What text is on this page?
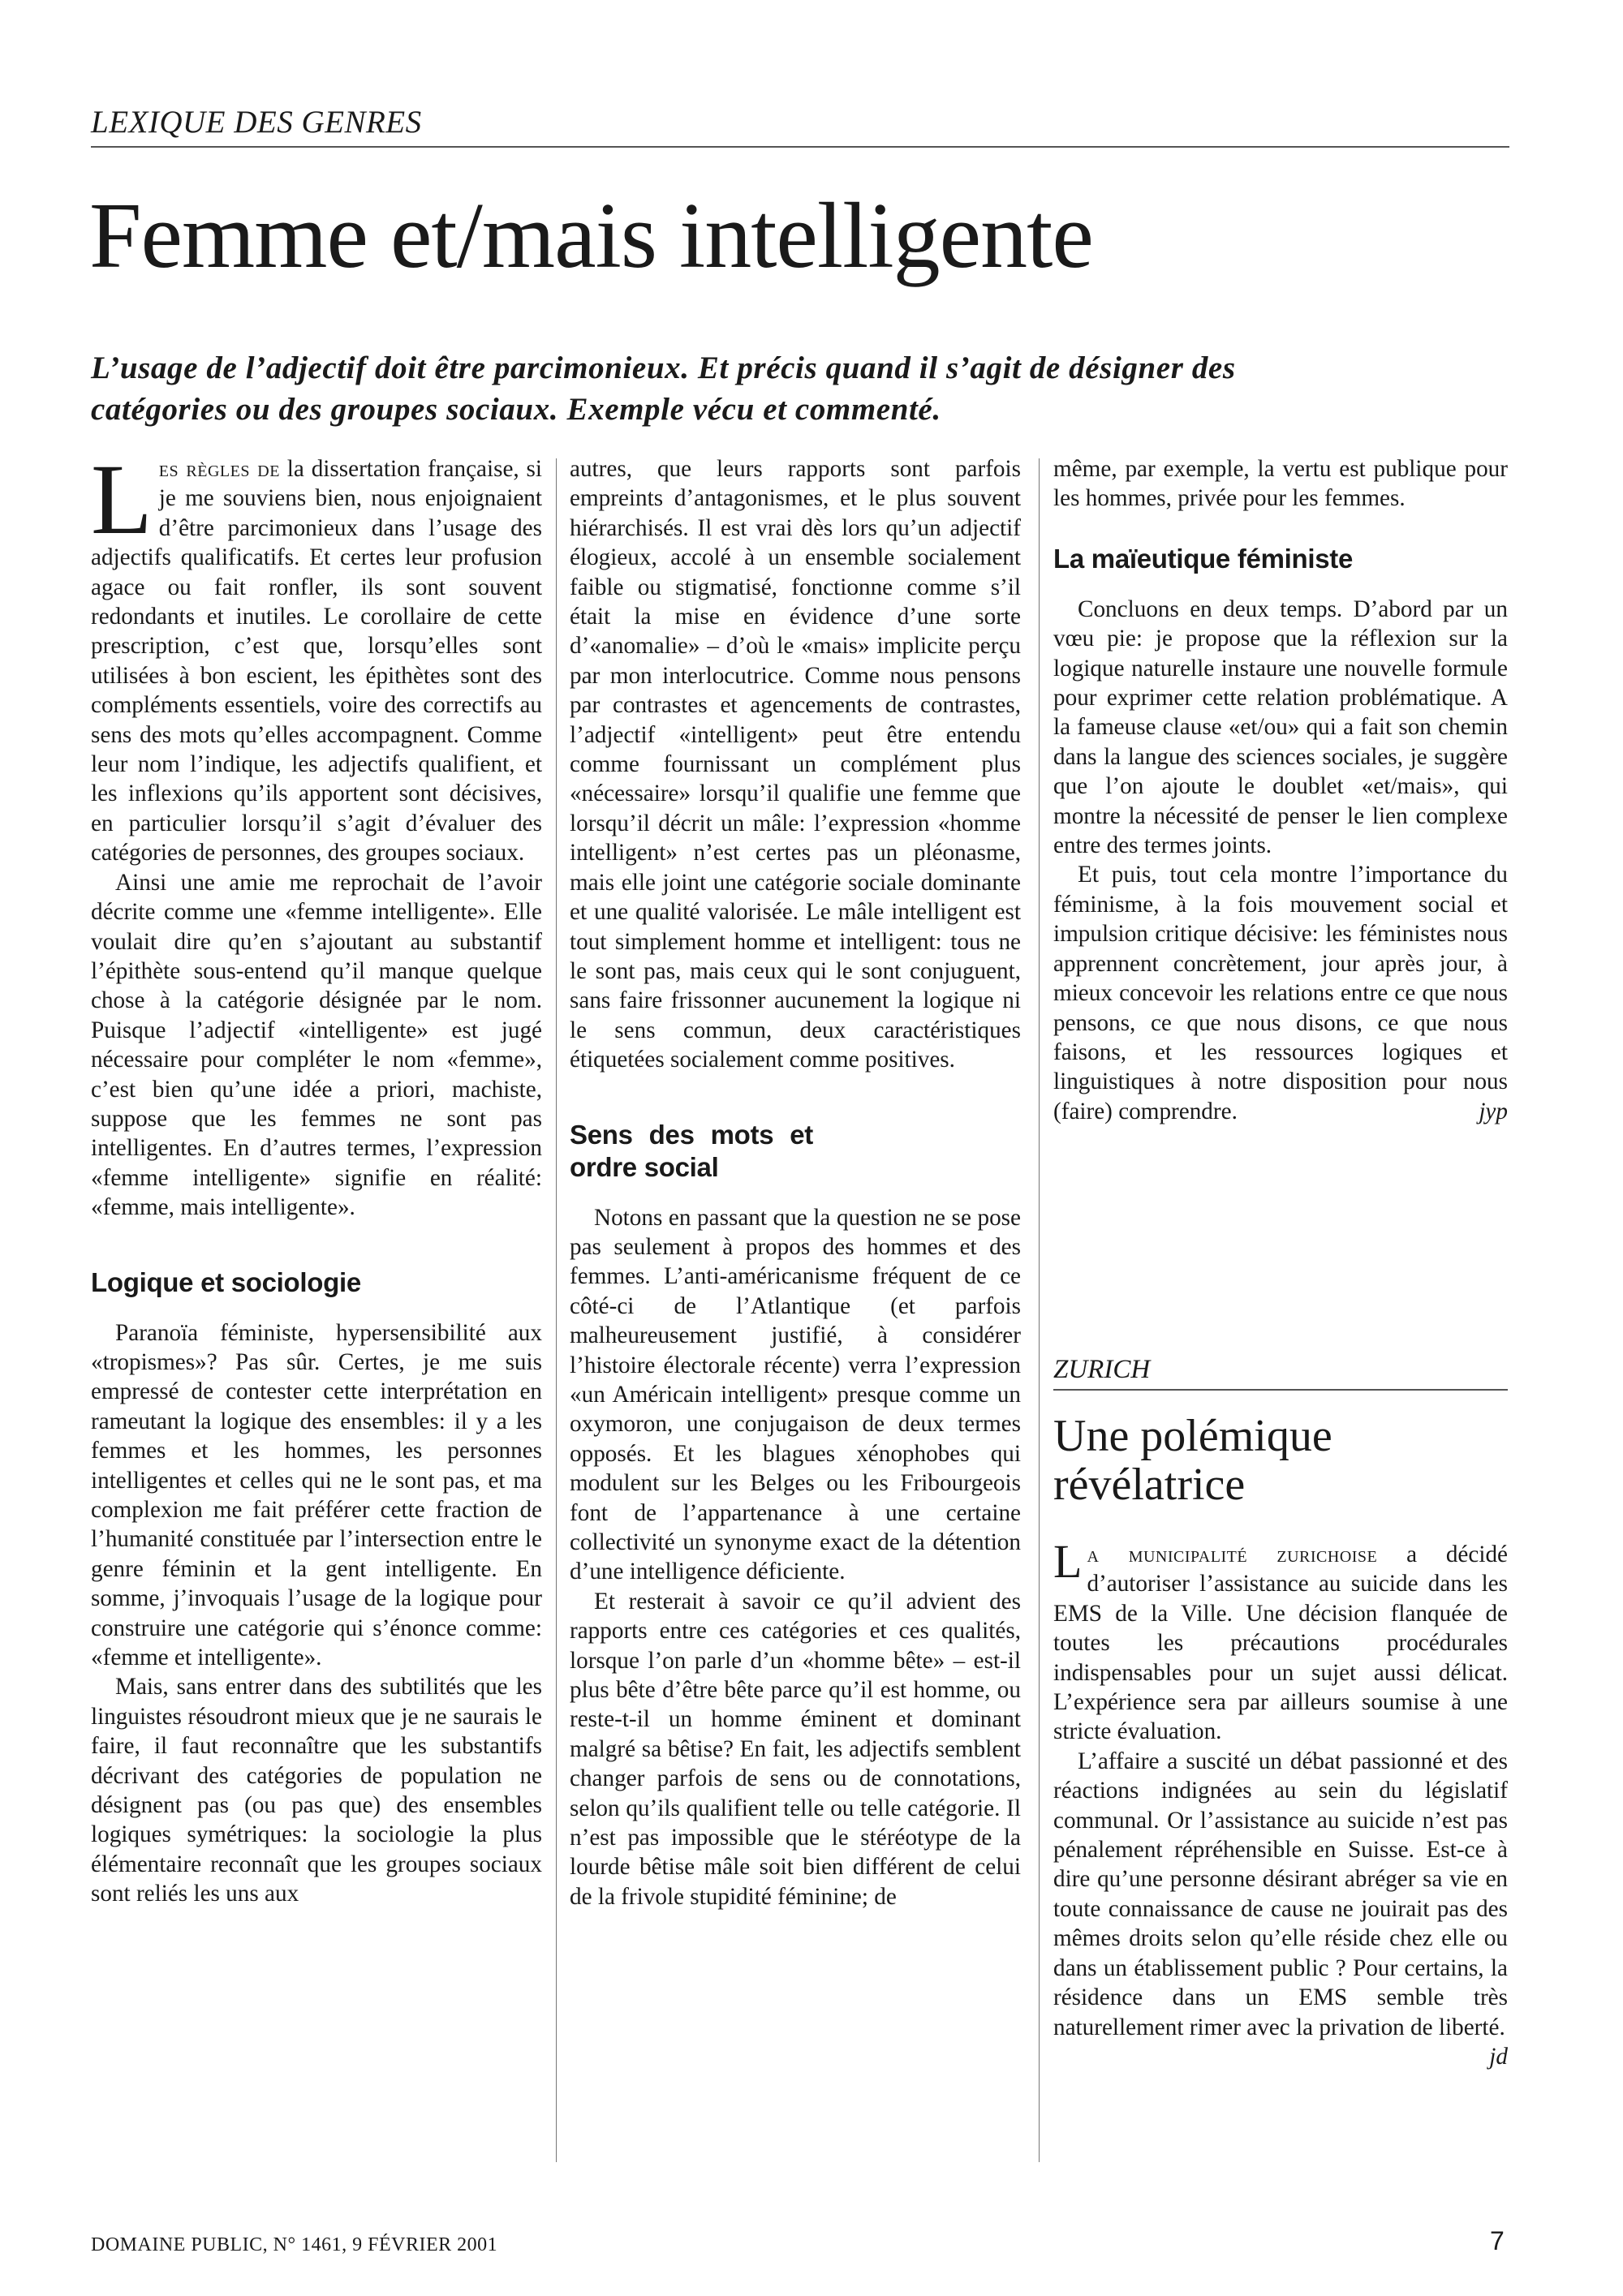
LEXIQUE DES GENRES
Femme et/mais intelligente

L’usage de l’adjectif doit être parcimonieux. Et précis quand il s’agit de désigner des catégories ou des groupes sociaux. Exemple vécu et commenté.

Les règles de la dissertation française, si je me souviens bien, nous enjoignaient d’être parcimonieux dans l’usage des adjectifs qualificatifs. Et certes leur profusion agace ou fait ronfler, ils sont souvent redondants et inutiles. Le corollaire de cette prescription, c’est que, lorsqu’elles sont utilisées à bon escient, les épithètes sont des compléments essentiels, voire des correctifs au sens des mots qu’elles accompagnent. Comme leur nom l’indique, les adjectifs qualifient, et les inflexions qu’ils apportent sont décisives, en particulier lorsqu’il s’agit d’évaluer des catégories de personnes, des groupes sociaux.

Ainsi une amie me reprochait de l’avoir décrite comme une «femme intelligente». Elle voulait dire qu’en s’ajoutant au substantif l’épithète sous-entend qu’il manque quelque chose à la catégorie désignée par le nom. Puisque l’adjectif «intelligente» est jugé nécessaire pour compléter le nom «femme», c’est bien qu’une idée a priori, machiste, suppose que les femmes ne sont pas intelligentes. En d’autres termes, l’expression «femme intelligente» signifie en réalité: «femme, mais intelligente».

Logique et sociologie

Paranoïa féministe, hypersensibilité aux «tropismes»? Pas sûr. Certes, je me suis empressé de contester cette interprétation en rameutant la logique des ensembles: il y a les femmes et les hommes, les personnes intelligentes et celles qui ne le sont pas, et ma complexion me fait préférer cette fraction de l’humanité constituée par l’intersection entre le genre féminin et la gent intelligente. En somme, j’invoquais l’usage de la logique pour construire une catégorie qui s’énonce comme: «femme et intelligente».

Mais, sans entrer dans des subtilités que les linguistes résoudront mieux que je ne saurais le faire, il faut reconnaître que les substantifs décrivant des catégories de population ne désignent pas (ou pas que) des ensembles logiques symétriques: la sociologie la plus élémentaire reconnaît que les groupes sociaux sont reliés les uns aux

autres, que leurs rapports sont parfois empreints d’antagonismes, et le plus souvent hiérarchisés. Il est vrai dès lors qu’un adjectif élogieux, accolé à un ensemble socialement faible ou stigmatisé, fonctionne comme s’il était la mise en évidence d’une sorte d’«anomalie» – d’où le «mais» implicite perçu par mon interlocutrice. Comme nous pensons par contrastes et agencements de contrastes, l’adjectif «intelligent» peut être entendu comme fournissant un complément plus «nécessaire» lorsqu’il qualifie une femme que lorsqu’il décrit un mâle: l’expression «homme intelligent» n’est certes pas un pléonasme, mais elle joint une catégorie sociale dominante et une qualité valorisée. Le mâle intelligent est tout simplement homme et intelligent: tous ne le sont pas, mais ceux qui le sont conjuguent, sans faire frissonner aucunement la logique ni le sens commun, deux caractéristiques étiquetées socialement comme positives.

Sens des mots et ordre social

Notons en passant que la question ne se pose pas seulement à propos des hommes et des femmes. L’anti-américanisme fréquent de ce côté-ci de l’Atlantique (et parfois malheureusement justifié, à considérer l’histoire électorale récente) verra l’expression «un Américain intelligent» presque comme un oxymoron, une conjugaison de deux termes opposés. Et les blagues xénophobes qui modulent sur les Belges ou les Fribourgeois font de l’appartenance à une certaine collectivité un synonyme exact de la détention d’une intelligence déficiente.

Et resterait à savoir ce qu’il advient des rapports entre ces catégories et ces qualités, lorsque l’on parle d’un «homme bête» – est-il plus bête d’être bête parce qu’il est homme, ou reste-t-il un homme éminent et dominant malgré sa bêtise? En fait, les adjectifs semblent changer parfois de sens ou de connotations, selon qu’ils qualifient telle ou telle catégorie. Il n’est pas impossible que le stéréotype de la lourde bêtise mâle soit bien différent de celui de la frivole stupidité féminine; de

même, par exemple, la vertu est publique pour les hommes, privée pour les femmes.

La maïeutique féministe

Concluons en deux temps. D’abord par un vœu pie: je propose que la réflexion sur la logique naturelle instaure une nouvelle formule pour exprimer cette relation problématique. A la fameuse clause «et/ou» qui a fait son chemin dans la langue des sciences sociales, je suggère que l’on ajoute le doublet «et/mais», qui montre la nécessité de penser le lien complexe entre des termes joints.

Et puis, tout cela montre l’importance du féminisme, à la fois mouvement social et impulsion critique décisive: les féministes nous apprennent concrètement, jour après jour, à mieux concevoir les relations entre ce que nous pensons, ce que nous disons, ce que nous faisons, et les ressources logiques et linguistiques à notre disposition pour nous (faire) comprendre.	jyp

ZURICH
Une polémique révélatrice

La municipalité zurichoise a décidé d’autoriser l’assistance au suicide dans les EMS de la Ville. Une décision flanquée de toutes les précautions procédurales indispensables pour un sujet aussi délicat. L’expérience sera par ailleurs soumise à une stricte évaluation.

L’affaire a suscité un débat passionné et des réactions indignées au sein du législatif communal. Or l’assistance au suicide n’est pas pénalement répréhensible en Suisse. Est-ce à dire qu’une personne désirant abréger sa vie en toute connaissance de cause ne jouirait pas des mêmes droits selon qu’elle réside chez elle ou dans un établissement public ? Pour certains, la résidence dans un EMS semble très naturellement rimer avec la privation de liberté.

jd

DOMAINE PUBLIC, N° 1461, 9 FÉVRIER 2001	7
